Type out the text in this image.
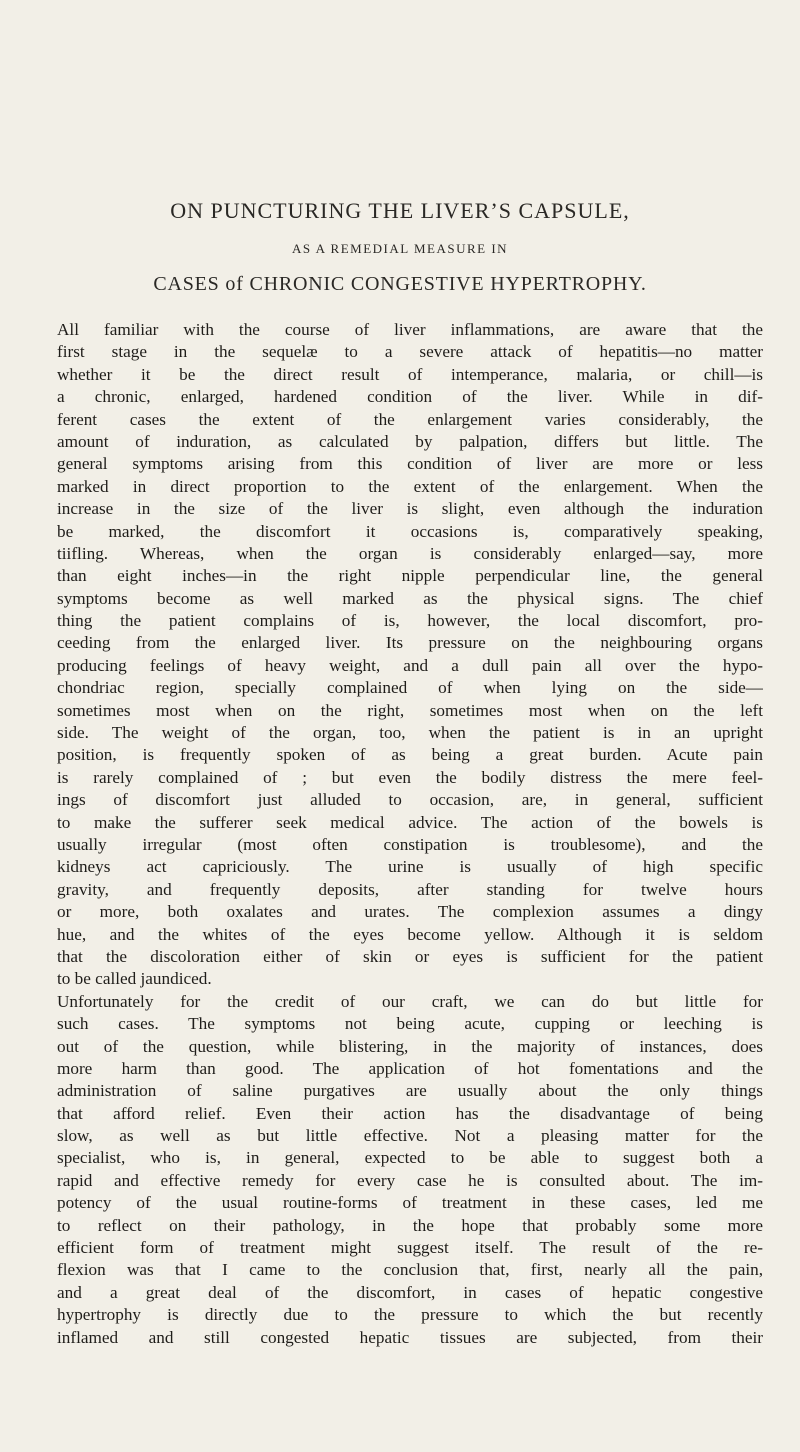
ON PUNCTURING THE LIVER’S CAPSULE,
AS A REMEDIAL MEASURE IN
CASES of CHRONIC CONGESTIVE HYPERTROPHY.
All familiar with the course of liver inflammations, are aware that the
first stage in the sequelæ to a severe attack of hepatitis—no matter
whether it be the direct result of intemperance, malaria, or chill—is
a chronic, enlarged, hardened condition of the liver. While in dif-
ferent cases the extent of the enlargement varies considerably, the
amount of induration, as calculated by palpation, differs but little. The
general symptoms arising from this condition of liver are more or less
marked in direct proportion to the extent of the enlargement. When the
increase in the size of the liver is slight, even although the induration
be marked, the discomfort it occasions is, comparatively speaking,
tiifling. Whereas, when the organ is considerably enlarged—say, more
than eight inches—in the right nipple perpendicular line, the general
symptoms become as well marked as the physical signs. The chief
thing the patient complains of is, however, the local discomfort, pro-
ceeding from the enlarged liver. Its pressure on the neighbouring organs
producing feelings of heavy weight, and a dull pain all over the hypo-
chondriac region, specially complained of when lying on the side—
sometimes most when on the right, sometimes most when on the left
side. The weight of the organ, too, when the patient is in an upright
position, is frequently spoken of as being a great burden. Acute pain
is rarely complained of ; but even the bodily distress the mere feel-
ings of discomfort just alluded to occasion, are, in general, sufficient
to make the sufferer seek medical advice. The action of the bowels is
usually irregular (most often constipation is troublesome), and the
kidneys act capriciously. The urine is usually of high specific
gravity, and frequently deposits, after standing for twelve hours
or more, both oxalates and urates. The complexion assumes a dingy
hue, and the whites of the eyes become yellow. Although it is seldom
that the discoloration either of skin or eyes is sufficient for the patient
to be called jaundiced.
Unfortunately for the credit of our craft, we can do but little for
such cases. The symptoms not being acute, cupping or leeching is
out of the question, while blistering, in the majority of instances, does
more harm than good. The application of hot fomentations and the
administration of saline purgatives are usually about the only things
that afford relief. Even their action has the disadvantage of being
slow, as well as but little effective. Not a pleasing matter for the
specialist, who is, in general, expected to be able to suggest both a
rapid and effective remedy for every case he is consulted about. The im-
potency of the usual routine-forms of treatment in these cases, led me
to reflect on their pathology, in the hope that probably some more
efficient form of treatment might suggest itself. The result of the re-
flexion was that I came to the conclusion that, first, nearly all the pain,
and a great deal of the discomfort, in cases of hepatic congestive
hypertrophy is directly due to the pressure to which the but recently
inflamed and still congested hepatic tissues are subjected, from their
